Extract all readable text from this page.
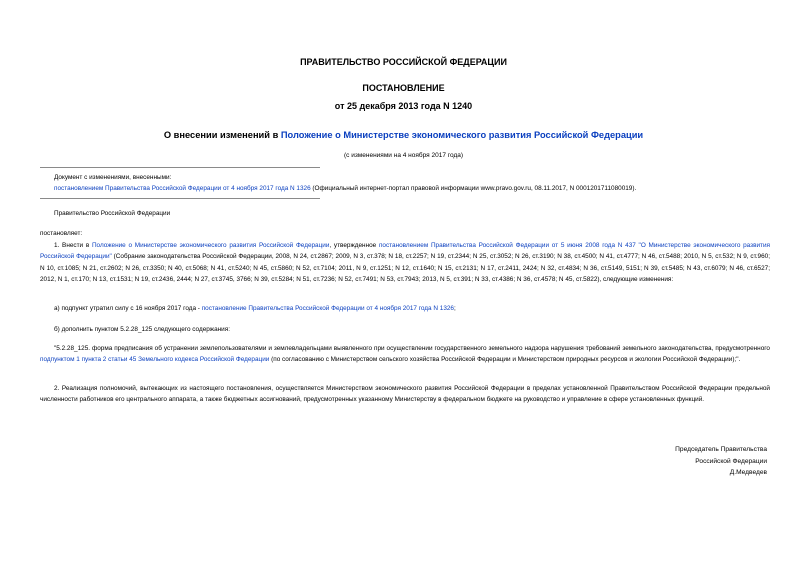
ПРАВИТЕЛЬСТВО РОССИЙСКОЙ ФЕДЕРАЦИИ
ПОСТАНОВЛЕНИЕ
от 25 декабря 2013 года N 1240
О внесении изменений в Положение о Министерстве экономического развития Российской Федерации
(с изменениями на 4 ноября 2017 года)
Документ с изменениями, внесенными:
постановлением Правительства Российской Федерации от 4 ноября 2017 года N 1326 (Официальный интернет-портал правовой информации www.pravo.gov.ru, 08.11.2017, N 0001201711080019).
Правительство Российской Федерации
постановляет:
1. Внести в Положение о Министерстве экономического развития Российской Федерации, утвержденное постановлением Правительства Российской Федерации от 5 июня 2008 года N 437 "О Министерстве экономического развития Российской Федерации" (Собрание законодательства Российской Федерации, 2008, N 24, ст.2867; 2009, N 3, ст.378; N 18, ст.2257; N 19, ст.2344; N 25, ст.3052; N 26, ст.3190; N 38, ст.4500; N 41, ст.4777; N 46, ст.5488; 2010, N 5, ст.532; N 9, ст.960; N 10, ст.1085; N 21, ст.2602; N 26, ст.3350; N 40, ст.5068; N 41, ст.5240; N 45, ст.5860; N 52, ст.7104; 2011, N 9, ст.1251; N 12, ст.1640; N 15, ст.2131; N 17, ст.2411, 2424; N 32, ст.4834; N 36, ст.5149, 5151; N 39, ст.5485; N 43, ст.6079; N 46, ст.6527; 2012, N 1, ст.170; N 13, ст.1531; N 19, ст.2436, 2444; N 27, ст.3745, 3766; N 39, ст.5284; N 51, ст.7236; N 52, ст.7491; N 53, ст.7943; 2013, N 5, ст.391; N 33, ст.4386; N 36, ст.4578; N 45, ст.5822), следующие изменения:
а) подпункт утратил силу с 16 ноября 2017 года - постановление Правительства Российской Федерации от 4 ноября 2017 года N 1326;
б) дополнить пунктом 5.2.28_125 следующего содержания:
"5.2.28_125. форма предписания об устранении землепользователями и землевладельцами выявленного при осуществлении государственного земельного надзора нарушения требований земельного законодательства, предусмотренного подпунктом 1 пункта 2 статьи 45 Земельного кодекса Российской Федерации (по согласованию с Министерством сельского хозяйства Российской Федерации и Министерством природных ресурсов и экологии Российской Федерации);".
2. Реализация полномочий, вытекающих из настоящего постановления, осуществляется Министерством экономического развития Российской Федерации в пределах установленной Правительством Российской Федерации предельной численности работников его центрального аппарата, а также бюджетных ассигнований, предусмотренных указанному Министерству в федеральном бюджете на руководство и управление в сфере установленных функций.
Председатель Правительства
Российской Федерации
Д.Медведев
